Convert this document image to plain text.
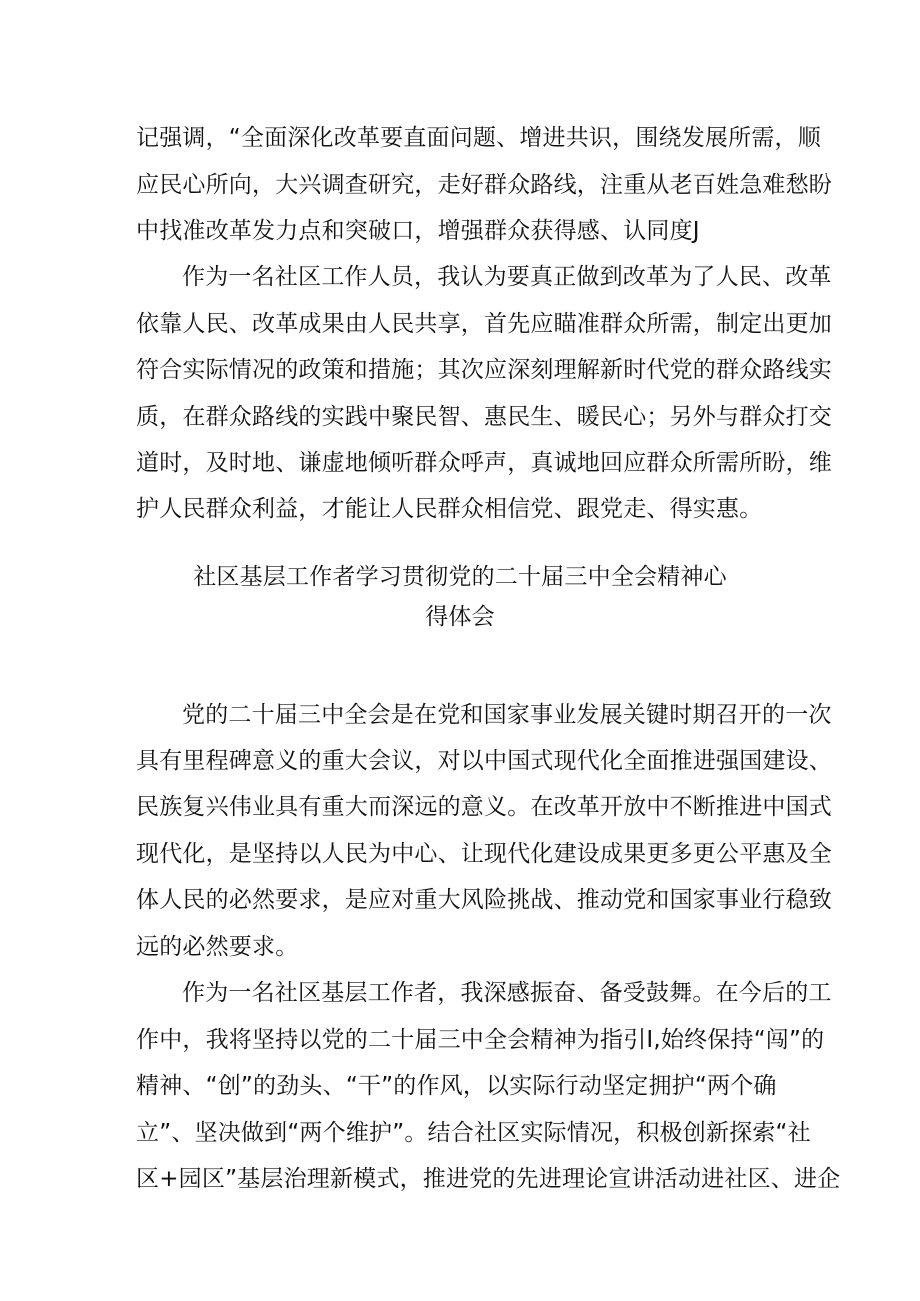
记强调，“全面深化改革要直面问题、增进共识，围绕发展所需，顺
应民心所向，大兴调查研究，走好群众路线，注重从老百姓急难愁盼
中找准改革发力点和突破口，增强群众获得感、认同度J
作为一名社区工作人员，我认为要真正做到改革为了人民、改革
依靠人民、改革成果由人民共享，首先应瞄准群众所需，制定出更加
符合实际情况的政策和措施；其次应深刻理解新时代党的群众路线实
质，在群众路线的实践中聚民智、惠民生、暖民心；另外与群众打交
道时，及时地、谦虚地倾听群众呼声，真诚地回应群众所需所盼，维
护人民群众利益，才能让人民群众相信党、跟党走、得实惠。
社区基层工作者学习贯彻党的二十届三中全会精神心
得体会
党的二十届三中全会是在党和国家事业发展关键时期召开的一次
具有里程碑意义的重大会议，对以中国式现代化全面推进强国建设、
民族复兴伟业具有重大而深远的意义。在改革开放中不断推进中国式
现代化，是坚持以人民为中心、让现代化建设成果更多更公平惠及全
体人民的必然要求，是应对重大风险挑战、推动党和国家事业行稳致
远的必然要求。
作为一名社区基层工作者，我深感振奋、备受鼓舞。在今后的工
作中，我将坚持以党的二十届三中全会精神为指引I,始终保持“闯”的
精神、“创”的劲头、“干”的作风，以实际行动坚定拥护“两个确
立”、坚决做到“两个维护”。结合社区实际情况，积极创新探索“社
区+园区”基层治理新模式，推进党的先进理论宣讲活动进社区、进企
